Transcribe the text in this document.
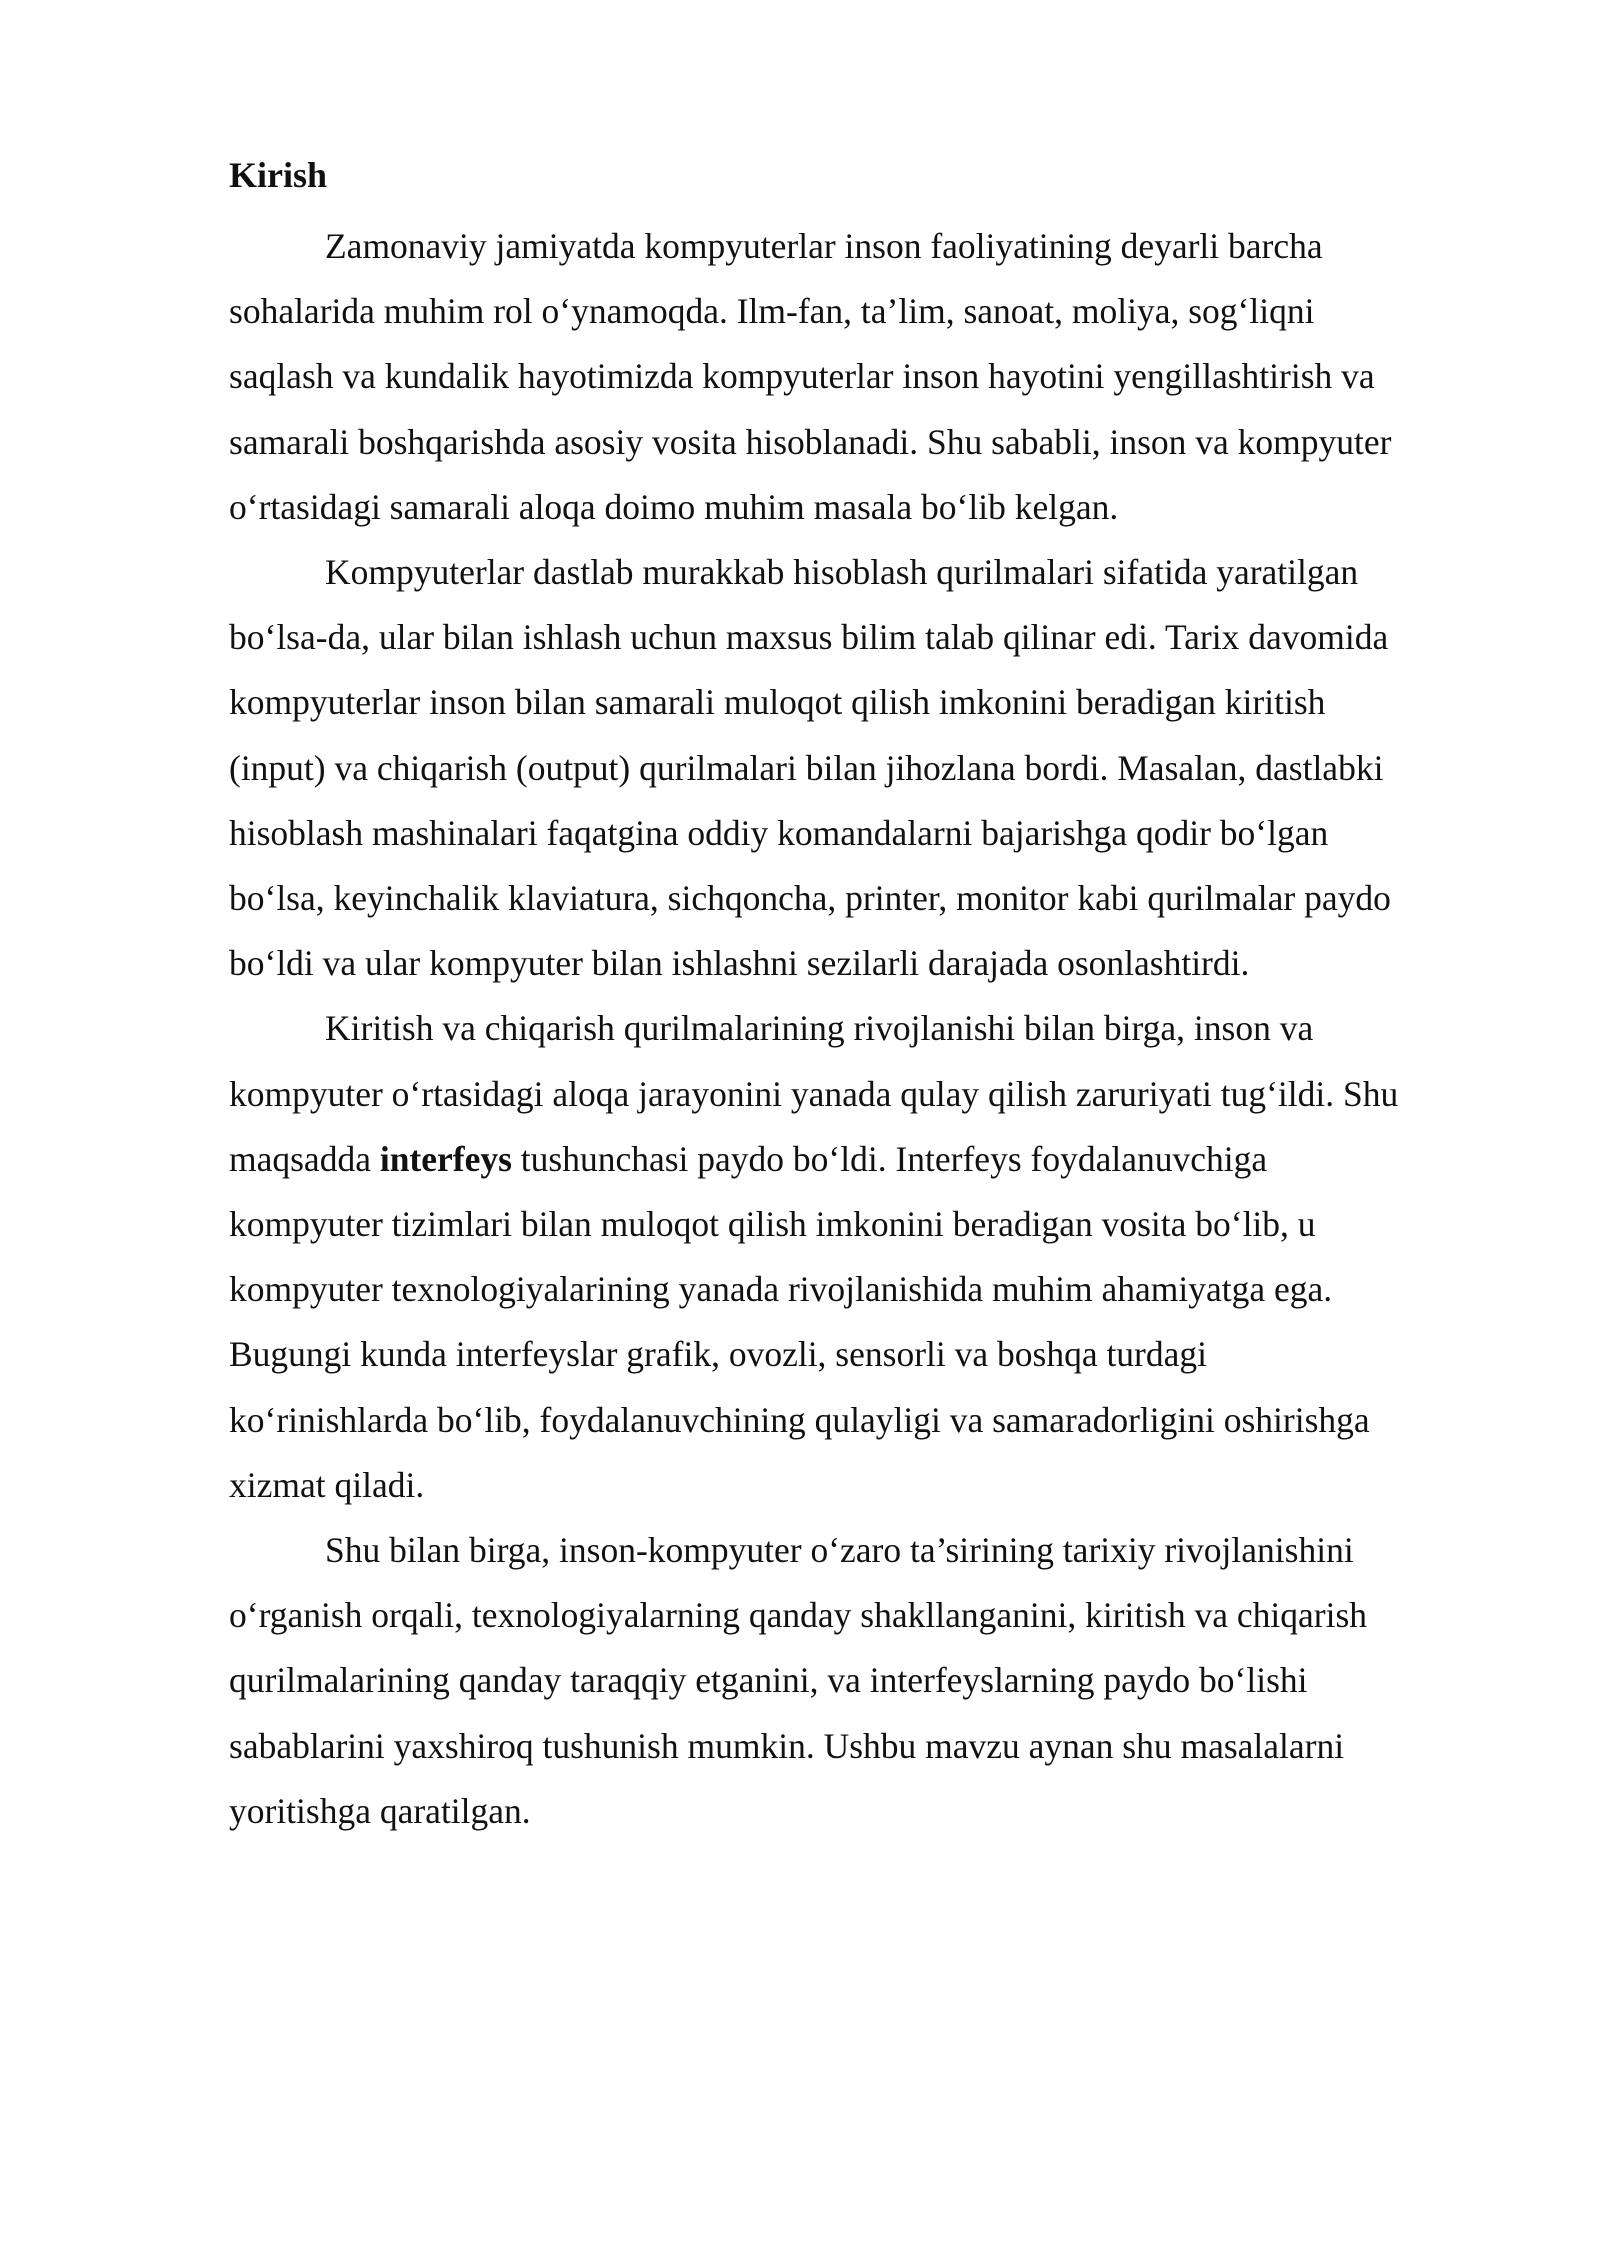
Kirish

Zamonaviy jamiyatda kompyuterlar inson faoliyatining deyarli barcha
sohalarida muhim rol o‘ynamoqda. Ilm-fan, ta’lim, sanoat, moliya, sog‘liqni
saqlash va kundalik hayotimizda kompyuterlar inson hayotini yengillashtirish va
samarali boshqarishda asosiy vosita hisoblanadi. Shu sababli, inson va kompyuter
o‘rtasidagi samarali aloqa doimo muhim masala bo‘lib kelgan.

Kompyuterlar dastlab murakkab hisoblash qurilmalari sifatida yaratilgan
bo‘lsa-da, ular bilan ishlash uchun maxsus bilim talab qilinar edi. Tarix davomida
kompyuterlar inson bilan samarali muloqot qilish imkonini beradigan kiritish
(input) va chiqarish (output) qurilmalari bilan jihozlana bordi. Masalan, dastlabki
hisoblash mashinalari faqatgina oddiy komandalarni bajarishga qodir bo‘lgan
bo‘lsa, keyinchalik klaviatura, sichqoncha, printer, monitor kabi qurilmalar paydo
bo‘ldi va ular kompyuter bilan ishlashni sezilarli darajada osonlashtirdi.

Kiritish va chiqarish qurilmalarining rivojlanishi bilan birga, inson va
kompyuter o‘rtasidagi aloqa jarayonini yanada qulay qilish zaruriyati tug‘ildi. Shu
maqsadda interfeys tushunchasi paydo bo‘ldi. Interfeys foydalanuvchiga
kompyuter tizimlari bilan muloqot qilish imkonini beradigan vosita bo‘lib, u
kompyuter texnologiyalarining yanada rivojlanishida muhim ahamiyatga ega.
Bugungi kunda interfeyslar grafik, ovozli, sensorli va boshqa turdagi
ko‘rinishlarda bo‘lib, foydalanuvchining qulayligi va samaradorligini oshirishga
xizmat qiladi.

Shu bilan birga, inson-kompyuter o‘zaro ta’sirining tarixiy rivojlanishini
o‘rganish orqali, texnologiyalarning qanday shakllanganini, kiritish va chiqarish
qurilmalarining qanday taraqqiy etganini, va interfeyslarning paydo bo‘lishi
sabablarini yaxshiroq tushunish mumkin. Ushbu mavzu aynan shu masalalarni
yoritishga qaratilgan.
